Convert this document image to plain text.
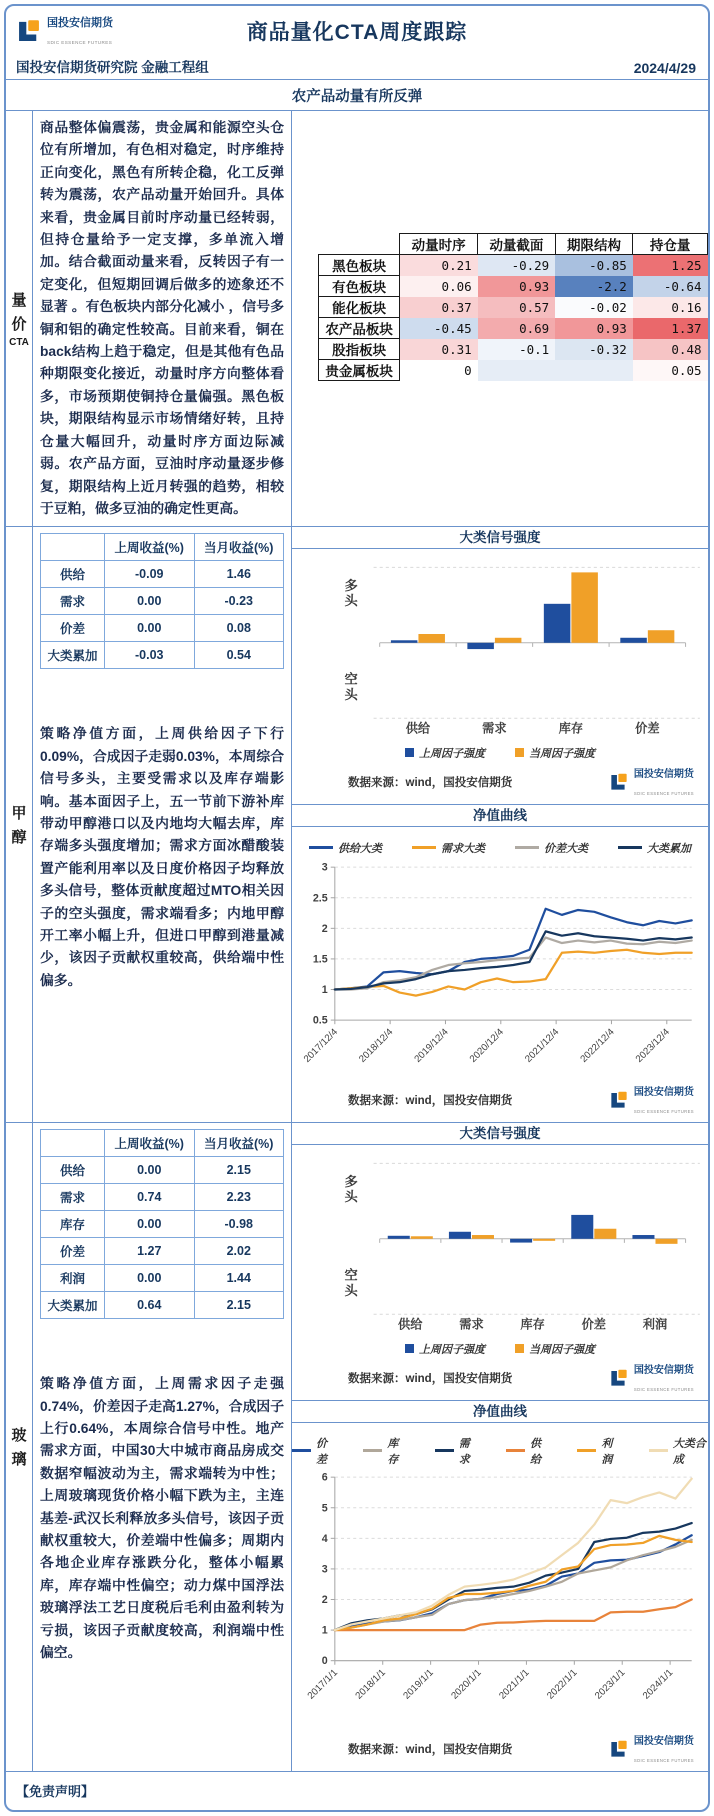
国投安信期货
SDIC ESSENCE FUTURES	商品量化CTA周度跟踪
国投安信期货研究院 金融工程组	2024/4/29
农产品动量有所反弹
量
价
CTA
商品整体偏震荡，贵金属和能源空头仓位有所增加，有色相对稳定，时序维持正向变化，黑色有所转企稳，化工反弹转为震荡，农产品动量开始回升。具体来看，贵金属目前时序动量已经转弱，但持仓量给予一定支撑，多单流入增加。结合截面动量来看，反转因子有一定变化，但短期回调后做多的迹象还不显著 。有色板块内部分化减小 ，信号多铜和铝的确定性较高。目前来看，铜在back结构上趋于稳定，但是其他有色品种期限变化接近，动量时序方向整体看多，市场预期使铜持仓量偏强。黑色板块，期限结构显示市场情绪好转，且持仓量大幅回升，动量时序方面边际减弱。农产品方面，豆油时序动量逐步修复，期限结构上近月转强的趋势，相较于豆粕，做多豆油的确定性更高。
	动量时序	动量截面	期限结构	持仓量
黑色板块	0.21	-0.29	-0.85	1.25
有色板块	0.06	0.93	-2.2	-0.64
能化板块	0.37	0.57	-0.02	0.16
农产品板块	-0.45	0.69	0.93	1.37
股指板块	0.31	-0.1	-0.32	0.48
贵金属板块	0			0.05
甲
醇
	上周收益(%)	当月收益(%)
供给	-0.09	1.46
需求	0.00	-0.23
价差	0.00	0.08
大类累加	-0.03	0.54
策略净值方面，上周供给因子下行0.09%，合成因子走弱0.03%，本周综合信号多头，主要受需求以及库存端影响。基本面因子上，五一节前下游补库带动甲醇港口以及内地均大幅去库，库存端多头强度增加；需求方面冰醋酸装置产能利用率以及日度价格因子均释放多头信号，整体贡献度超过MTO相关因子的空头强度，需求端看多；内地甲醇开工率小幅上升，但进口甲醇到港量减少，该因子贡献权重较高，供给端中性偏多。
大类信号强度
多
头
空
头
供给	需求	库存	价差
上周因子强度	当周因子强度
数据来源：wind，国投安信期货
国投安信期货
SDIC ESSENCE FUTURES
净值曲线
供给大类	需求大类	价差大类	大类累加
0.5
1
1.5
2
2.5
3
2017/12/4 2018/12/4 2019/12/4 2020/12/4 2021/12/4 2022/12/4 2023/12/4
数据来源：wind，国投安信期货
国投安信期货
SDIC ESSENCE FUTURES
玻
璃
	上周收益(%)	当月收益(%)
供给	0.00	2.15
需求	0.74	2.23
库存	0.00	-0.98
价差	1.27	2.02
利润	0.00	1.44
大类累加	0.64	2.15
策略净值方面，上周需求因子走强0.74%，价差因子走高1.27%，合成因子上行0.64%，本周综合信号中性。地产需求方面，中国30大中城市商品房成交数据窄幅波动为主，需求端转为中性；上周玻璃现货价格小幅下跌为主，主连基差-武汉长利释放多头信号，该因子贡献权重较大，价差端中性偏多；周期内各地企业库存涨跌分化，整体小幅累库，库存端中性偏空；动力煤中国浮法玻璃浮法工艺日度税后毛利由盈利转为亏损，该因子贡献度较高，利润端中性偏空。
大类信号强度
多
头
空
头
供给	需求	库存	价差	利润
上周因子强度	当周因子强度
数据来源：wind，国投安信期货
国投安信期货
SDIC ESSENCE FUTURES
净值曲线
价差
库存
需求
供给
利润
大类合成
0
1
2
3
4
5
6
2017/1/1 2018/1/1 2019/1/1 2020/1/1 2021/1/1 2022/1/1 2023/1/1 2024/1/1
数据来源：wind，国投安信期货
国投安信期货
SDIC ESSENCE FUTURES
【免责声明】
